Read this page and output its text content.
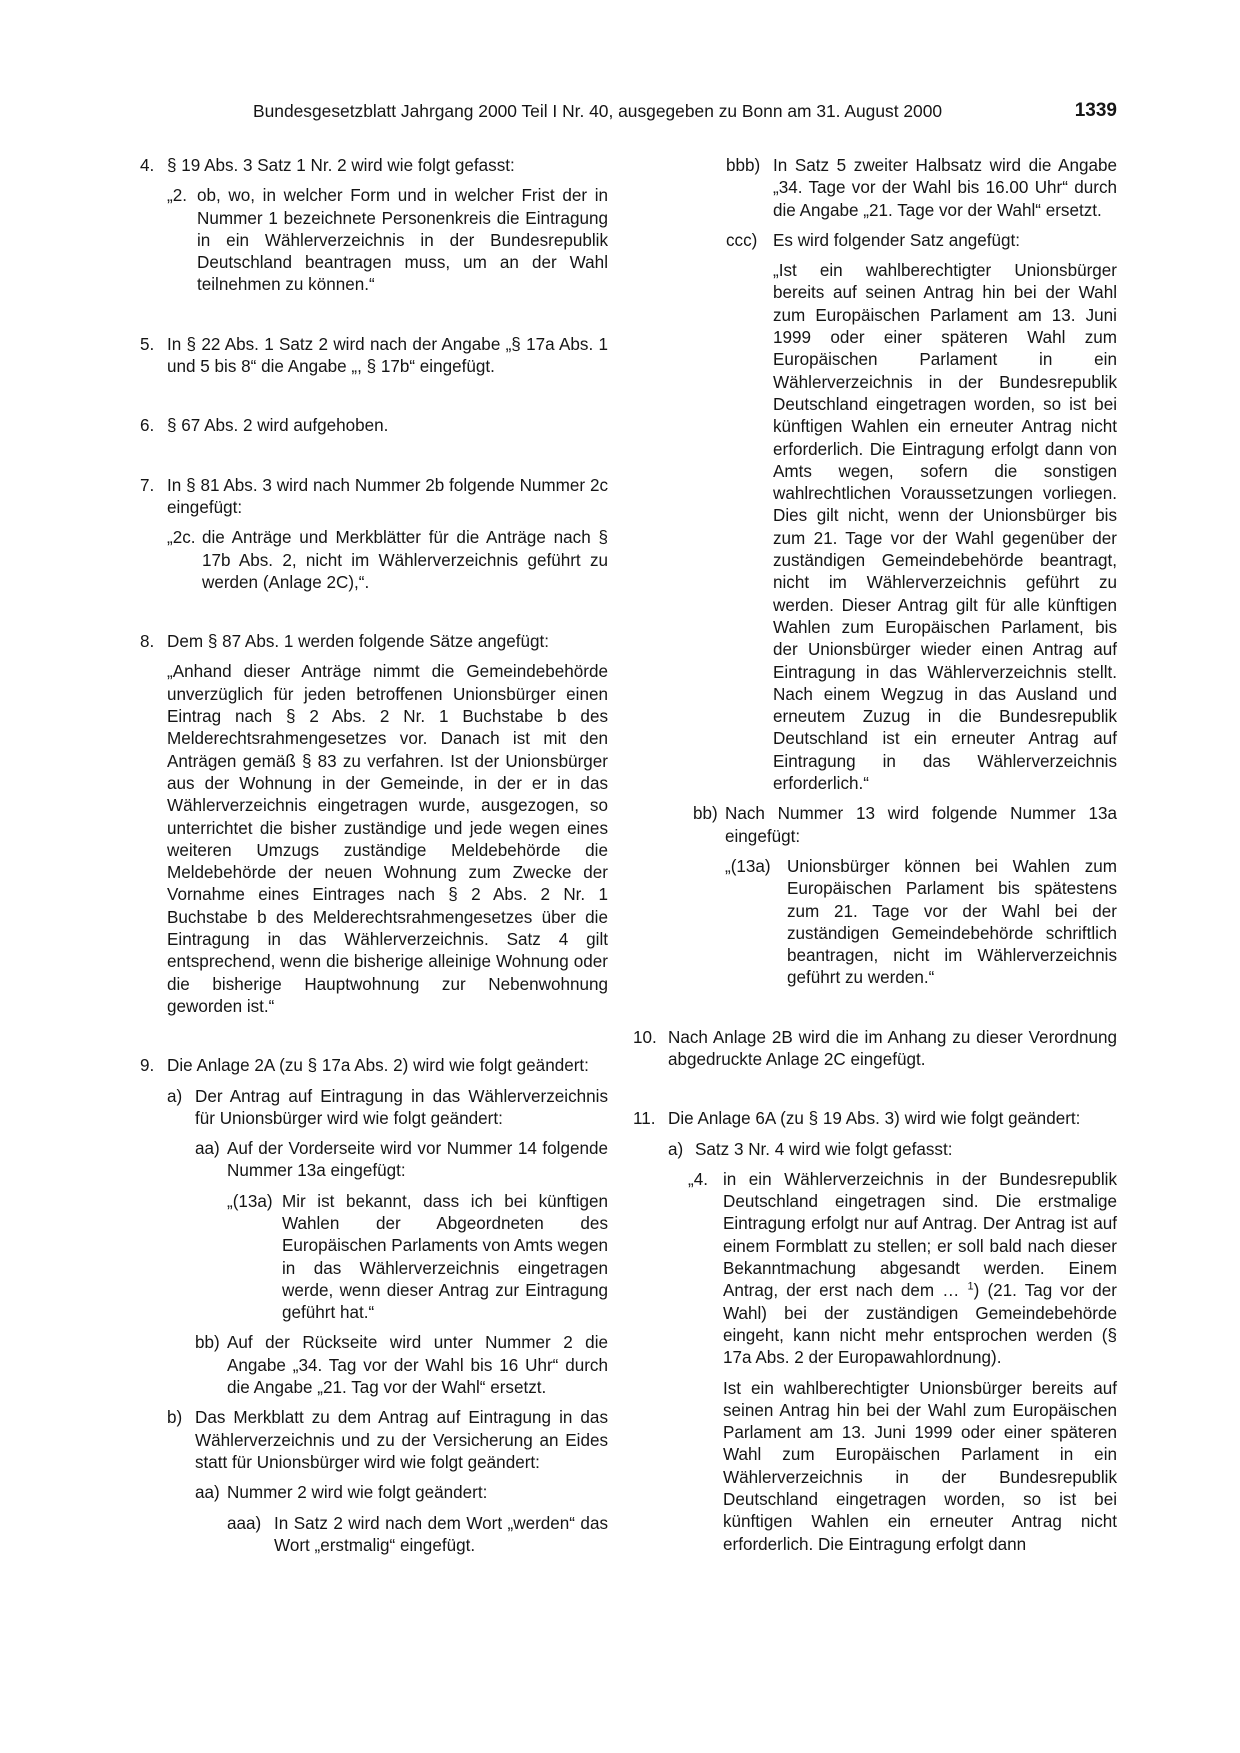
Bundesgesetzblatt Jahrgang 2000 Teil I Nr. 40, ausgegeben zu Bonn am 31. August 2000	1339
4. § 19 Abs. 3 Satz 1 Nr. 2 wird wie folgt gefasst:

„2. ob, wo, in welcher Form und in welcher Frist der in Nummer 1 bezeichnete Personenkreis die Eintragung in ein Wählerverzeichnis in der Bundesrepublik Deutschland beantragen muss, um an der Wahl teilnehmen zu können.“

5. In § 22 Abs. 1 Satz 2 wird nach der Angabe „§ 17a Abs. 1 und 5 bis 8“ die Angabe „, § 17b“ eingefügt.

6. § 67 Abs. 2 wird aufgehoben.

7. In § 81 Abs. 3 wird nach Nummer 2b folgende Nummer 2c eingefügt:

„2c. die Anträge und Merkblätter für die Anträge nach § 17b Abs. 2, nicht im Wählerverzeichnis geführt zu werden (Anlage 2C),“.

8. Dem § 87 Abs. 1 werden folgende Sätze angefügt:

„Anhand dieser Anträge nimmt die Gemeindebehörde unverzüglich für jeden betroffenen Unionsbürger einen Eintrag nach § 2 Abs. 2 Nr. 1 Buchstabe b des Melderechtsrahmengesetzes vor. Danach ist mit den Anträgen gemäß § 83 zu verfahren. Ist der Unionsbürger aus der Wohnung in der Gemeinde, in der er in das Wählerverzeichnis eingetragen wurde, ausgezogen, so unterrichtet die bisher zuständige und jede wegen eines weiteren Umzugs zuständige Meldebehörde die Meldebehörde der neuen Wohnung zum Zwecke der Vornahme eines Eintrages nach § 2 Abs. 2 Nr. 1 Buchstabe b des Melderechtsrahmengesetzes über die Eintragung in das Wählerverzeichnis. Satz 4 gilt entsprechend, wenn die bisherige alleinige Wohnung oder die bisherige Hauptwohnung zur Nebenwohnung geworden ist.“

9. Die Anlage 2A (zu § 17a Abs. 2) wird wie folgt geändert:

a) Der Antrag auf Eintragung in das Wählerverzeichnis für Unionsbürger wird wie folgt geändert:

aa) Auf der Vorderseite wird vor Nummer 14 folgende Nummer 13a eingefügt:

„(13a) Mir ist bekannt, dass ich bei künftigen Wahlen der Abgeordneten des Europäischen Parlaments von Amts wegen in das Wählerverzeichnis eingetragen werde, wenn dieser Antrag zur Eintragung geführt hat.“

bb) Auf der Rückseite wird unter Nummer 2 die Angabe „34. Tag vor der Wahl bis 16 Uhr“ durch die Angabe „21. Tag vor der Wahl“ ersetzt.

b) Das Merkblatt zu dem Antrag auf Eintragung in das Wählerverzeichnis und zu der Versicherung an Eides statt für Unionsbürger wird wie folgt geändert:

aa) Nummer 2 wird wie folgt geändert:

aaa) In Satz 2 wird nach dem Wort „werden“ das Wort „erstmalig“ eingefügt.

bbb) In Satz 5 zweiter Halbsatz wird die Angabe „34. Tage vor der Wahl bis 16.00 Uhr“ durch die Angabe „21. Tage vor der Wahl“ ersetzt.

ccc) Es wird folgender Satz angefügt:

„Ist ein wahlberechtigter Unionsbürger bereits auf seinen Antrag hin bei der Wahl zum Europäischen Parlament am 13. Juni 1999 oder einer späteren Wahl zum Europäischen Parlament in ein Wählerverzeichnis in der Bundesrepublik Deutschland eingetragen worden, so ist bei künftigen Wahlen ein erneuter Antrag nicht erforderlich. Die Eintragung erfolgt dann von Amts wegen, sofern die sonstigen wahlrechtlichen Voraussetzungen vorliegen. Dies gilt nicht, wenn der Unionsbürger bis zum 21. Tage vor der Wahl gegenüber der zuständigen Gemeindebehörde beantragt, nicht im Wählerverzeichnis geführt zu werden. Dieser Antrag gilt für alle künftigen Wahlen zum Europäischen Parlament, bis der Unionsbürger wieder einen Antrag auf Eintragung in das Wählerverzeichnis stellt. Nach einem Wegzug in das Ausland und erneutem Zuzug in die Bundesrepublik Deutschland ist ein erneuter Antrag auf Eintragung in das Wählerverzeichnis erforderlich.“

bb) Nach Nummer 13 wird folgende Nummer 13a eingefügt:

„(13a) Unionsbürger können bei Wahlen zum Europäischen Parlament bis spätestens zum 21. Tage vor der Wahl bei der zuständigen Gemeindebehörde schriftlich beantragen, nicht im Wählerverzeichnis geführt zu werden.“

10. Nach Anlage 2B wird die im Anhang zu dieser Verordnung abgedruckte Anlage 2C eingefügt.

11. Die Anlage 6A (zu § 19 Abs. 3) wird wie folgt geändert:

a) Satz 3 Nr. 4 wird wie folgt gefasst:

„4. in ein Wählerverzeichnis in der Bundesrepublik Deutschland eingetragen sind. Die erstmalige Eintragung erfolgt nur auf Antrag. Der Antrag ist auf einem Formblatt zu stellen; er soll bald nach dieser Bekanntmachung abgesandt werden. Einem Antrag, der erst nach dem … $^1$) (21. Tag vor der Wahl) bei der zuständigen Gemeindebehörde eingeht, kann nicht mehr entsprochen werden (§ 17a Abs. 2 der Europawahlordnung).

Ist ein wahlberechtigter Unionsbürger bereits auf seinen Antrag hin bei der Wahl zum Europäischen Parlament am 13. Juni 1999 oder einer späteren Wahl zum Europäischen Parlament in ein Wählerverzeichnis in der Bundesrepublik Deutschland eingetragen worden, so ist bei künftigen Wahlen ein erneuter Antrag nicht erforderlich. Die Eintragung erfolgt dann
